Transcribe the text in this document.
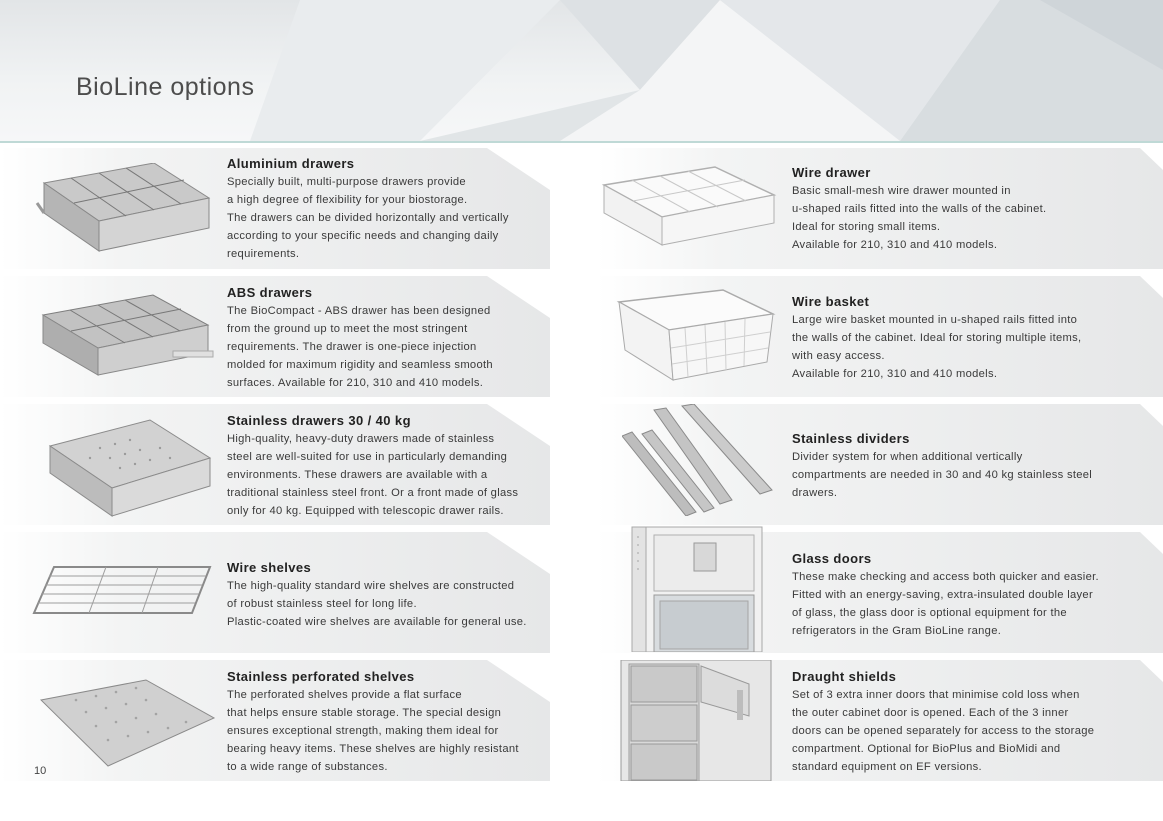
BioLine options
Aluminium drawers
Specially built, multi-purpose drawers provide
a high degree of flexibility for your biostorage.
The drawers can be divided horizontally and vertically
according to your specific needs and changing daily
requirements.
ABS drawers
The BioCompact - ABS drawer has been designed
from the ground up to meet the most stringent
requirements. The drawer is one-piece injection
molded for maximum rigidity and seamless smooth
surfaces. Available for 210, 310 and 410 models.
Stainless drawers 30 / 40 kg
High-quality, heavy-duty drawers made of stainless
steel are well-suited for use in particularly demanding
environments. These drawers are available with a
traditional stainless steel front. Or a front made of glass
only for 40 kg. Equipped with telescopic drawer rails.
Wire shelves
The high-quality standard wire shelves are constructed
of robust stainless steel for long life.
Plastic-coated wire shelves are available for general use.
Stainless perforated shelves
The perforated shelves provide a flat surface
that helps ensure stable storage. The special design
ensures exceptional strength, making them ideal for
bearing heavy items. These shelves are highly resistant
to a wide range of substances.
Wire drawer
Basic small-mesh wire drawer mounted in
u-shaped rails fitted into the walls of the cabinet.
Ideal for storing small items.
Available for 210, 310 and 410 models.
Wire basket
Large wire basket mounted in u-shaped rails fitted into
the walls of the cabinet. Ideal for storing multiple items,
with easy access.
Available for 210, 310 and 410 models.
Stainless dividers
Divider system for when additional vertically
compartments are needed in 30 and 40 kg stainless steel
drawers.
Glass doors
These make checking and access both quicker and easier.
Fitted with an energy-saving, extra-insulated double layer
of glass, the glass door is optional equipment for the
refrigerators in the Gram BioLine range.
Draught shields
Set of 3 extra inner doors that minimise cold loss when
the outer cabinet door is opened. Each of the 3 inner
doors can be opened separately for access to the storage
compartment. Optional for BioPlus and BioMidi and
standard equipment on EF versions.
10
